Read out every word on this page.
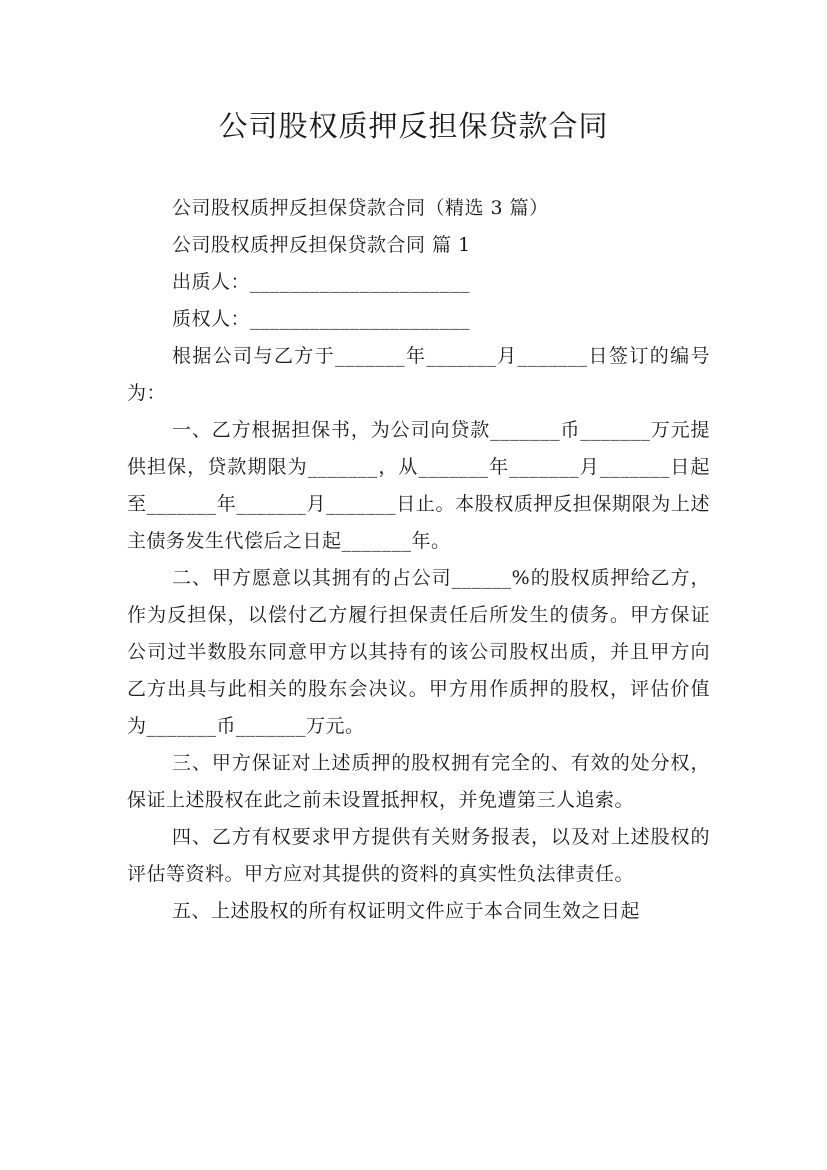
公司股权质押反担保贷款合同
公司股权质押反担保贷款合同（精选 3 篇）
公司股权质押反担保贷款合同 篇 1
出质人：______________________
质权人：______________________

根据公司与乙方于_______年_______月_______日签订的编号为：

一、乙方根据担保书，为公司向贷款_______币_______万元提供担保，贷款期限为_______，从_______年_______月_______日起至_______年_______月_______日止。本股权质押反担保期限为上述主债务发生代偿后之日起_______年。

二、甲方愿意以其拥有的占公司______%的股权质押给乙方，作为反担保，以偿付乙方履行担保责任后所发生的债务。甲方保证公司过半数股东同意甲方以其持有的该公司股权出质，并且甲方向乙方出具与此相关的股东会决议。甲方用作质押的股权，评估价值为_______币_______万元。

三、甲方保证对上述质押的股权拥有完全的、有效的处分权，保证上述股权在此之前未设置抵押权，并免遭第三人追索。

四、乙方有权要求甲方提供有关财务报表，以及对上述股权的评估等资料。甲方应对其提供的资料的真实性负法律责任。

五、上述股权的所有权证明文件应于本合同生效之日起
